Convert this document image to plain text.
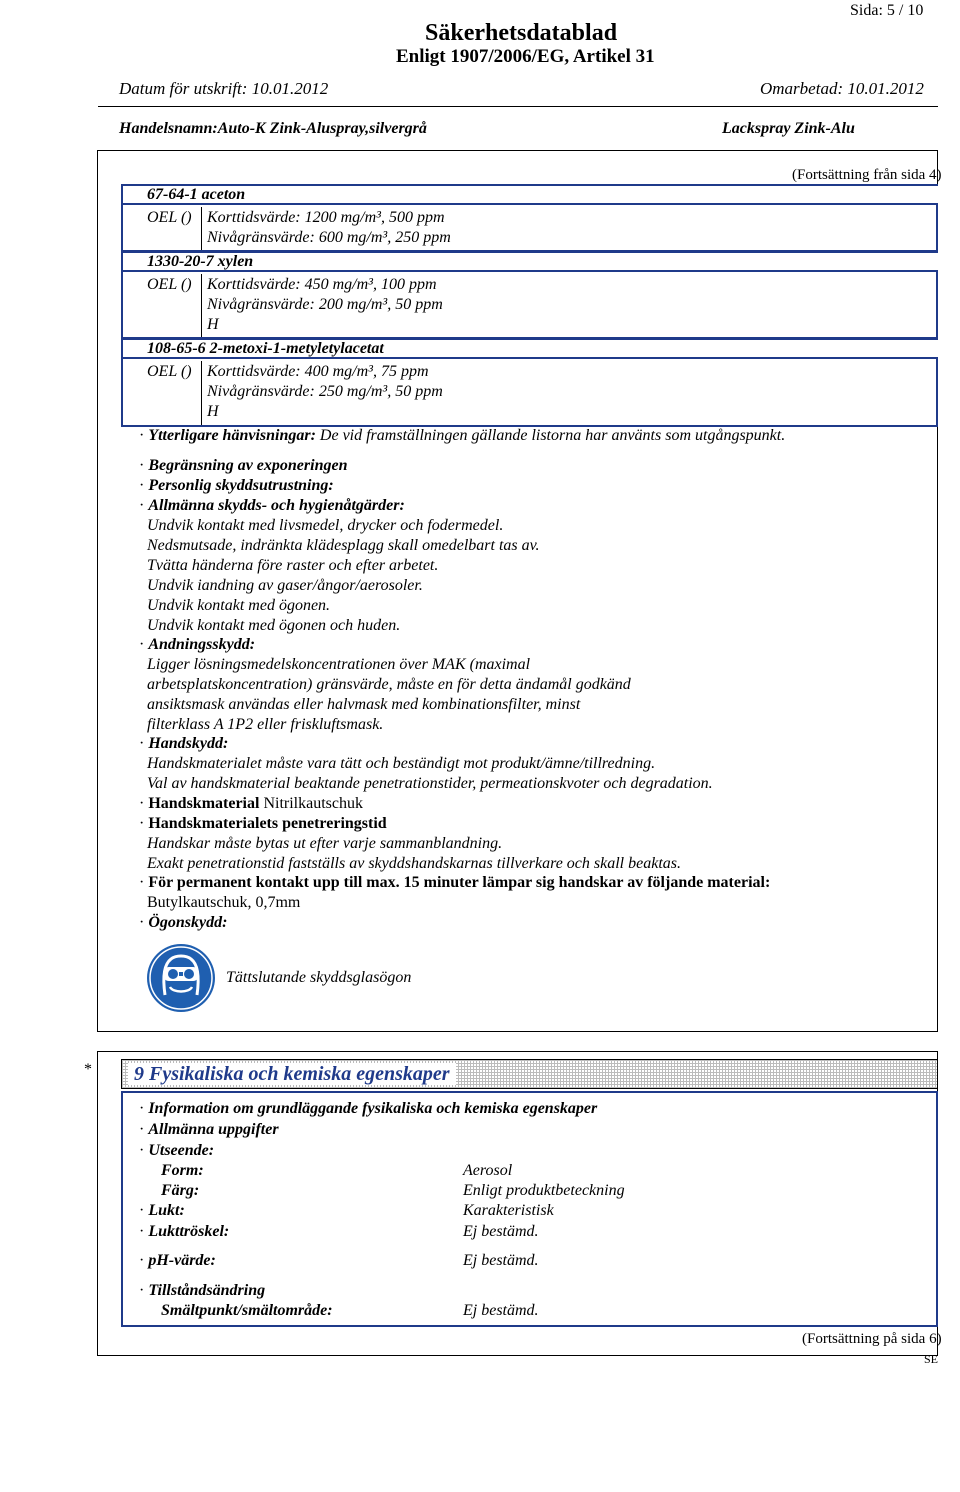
Sida: 5 / 10
Säkerhetsdatablad
Enligt 1907/2006/EG, Artikel 31
Datum för utskrift: 10.01.2012	Omarbetad: 10.01.2012
Handelsnamn:Auto-K Zink-Aluspray,silvergrå	Lackspray Zink-Alu
(Fortsättning från sida 4)
67-64-1 aceton
OEL () Korttidsvärde: 1200 mg/m³, 500 ppm
Nivågränsvärde: 600 mg/m³, 250 ppm
1330-20-7 xylen
OEL () Korttidsvärde: 450 mg/m³, 100 ppm
Nivågränsvärde: 200 mg/m³, 50 ppm
H
108-65-6 2-metoxi-1-metyletylacetat
OEL () Korttidsvärde: 400 mg/m³, 75 ppm
Nivågränsvärde: 250 mg/m³, 50 ppm
H
· Ytterligare hänvisningar: De vid framställningen gällande listorna har använts som utgångspunkt.
· Begränsning av exponeringen
· Personlig skyddsutrustning:
· Allmänna skydds- och hygienåtgärder:
Undvik kontakt med livsmedel, drycker och fodermedel.
Nedsmutsade, indränkta klädesplagg skall omedelbart tas av.
Tvätta händerna före raster och efter arbetet.
Undvik iandning av gaser/ångor/aerosoler.
Undvik kontakt med ögonen.
Undvik kontakt med ögonen och huden.
· Andningsskydd:
Ligger lösningsmedelskoncentrationen över MAK (maximal
arbetsplatskoncentration) gränsvärde, måste en för detta ändamål godkänd
ansiktsmask användas eller halvmask med kombinationsfilter, minst
filterklass A 1P2 eller friskluftsmask.
· Handskydd:
Handskmaterialet måste vara tätt och beständigt mot produkt/ämne/tillredning.
Val av handskmaterial beaktande penetrationstider, permeationskvoter och degradation.
· Handskmaterial Nitrilkautschuk
· Handskmaterialets penetreringstid
Handskar måste bytas ut efter varje sammanblandning.
Exakt penetrationstid fastställs av skyddshandskarnas tillverkare och skall beaktas.
· För permanent kontakt upp till max. 15 minuter lämpar sig handskar av följande material:
Butylkautschuk, 0,7mm
· Ögonskydd:
Tättslutande skyddsglasögon
*	9 Fysikaliska och kemiska egenskaper
· Information om grundläggande fysikaliska och kemiska egenskaper
· Allmänna uppgifter
· Utseende:
Form:	Aerosol
Färg:	Enligt produktbeteckning
· Lukt:	Karakteristisk
· Lukttröskel:	Ej bestämd.
· pH-värde:	Ej bestämd.
· Tillståndsändring
Smältpunkt/smältområde:	Ej bestämd.
(Fortsättning på sida 6)
SE
